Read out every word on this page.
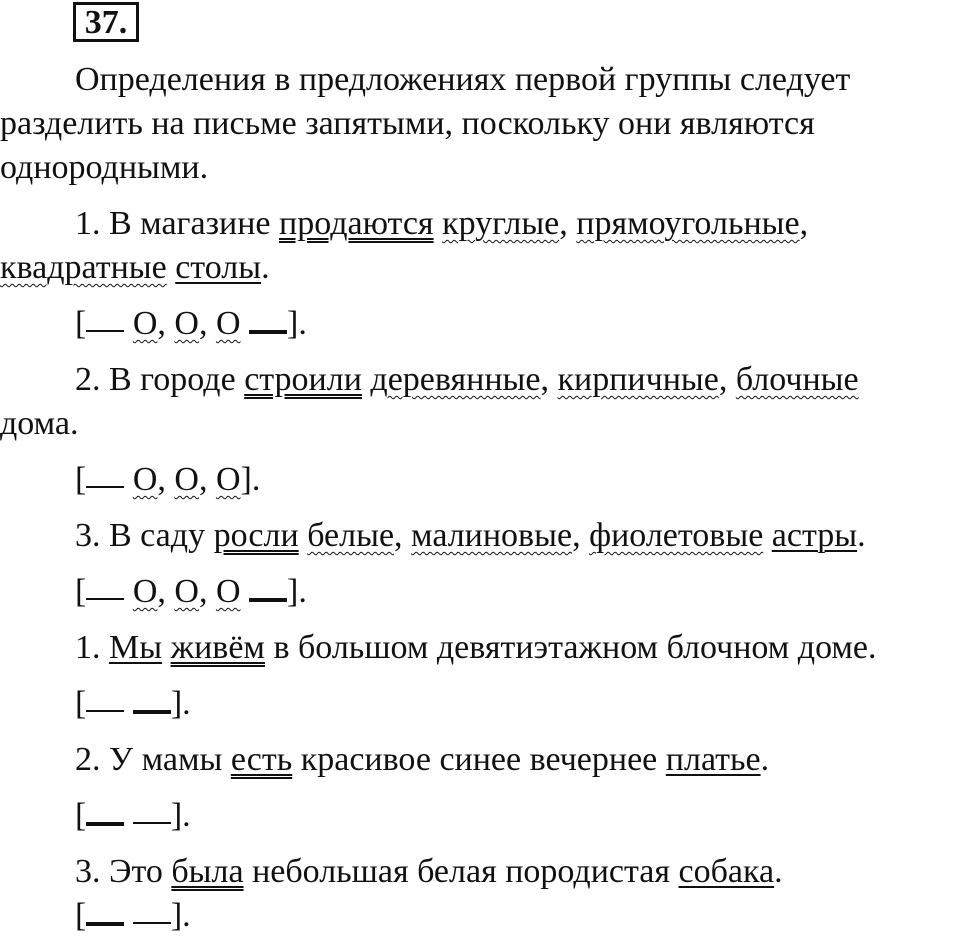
37.
Определения в предложениях первой группы следует
разделить на письме запятыми, поскольку они являются
однородными.
1. В магазине продаются круглые, прямоугольные,
квадратные столы.
[ O, O, O ].
2. В городе строили деревянные, кирпичные, блочные
дома.
[ O, O, O].
3. В саду росли белые, малиновые, фиолетовые астры.
[ O, O, O ].
1. Мы живём в большом девятиэтажном блочном доме.
[ ].
2. У мамы есть красивое синее вечернее платье.
[ ].
3. Это была небольшая белая породистая собака.
[ ].
